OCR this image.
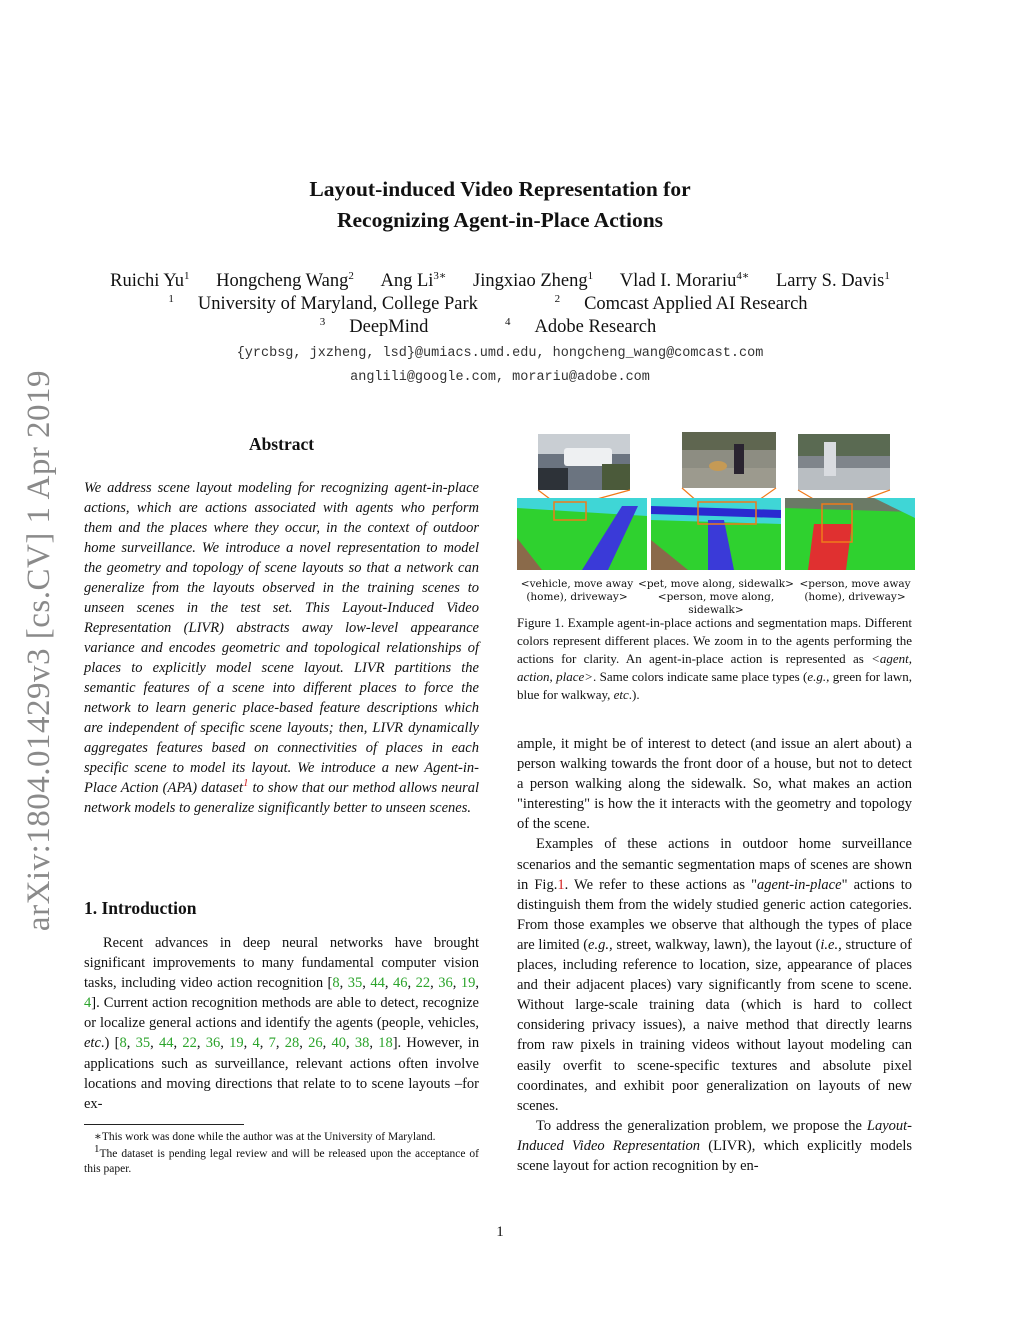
arXiv:1804.01429v3 [cs.CV] 1 Apr 2019
Layout-induced Video Representation for
Recognizing Agent-in-Place Actions
Ruichi Yu$^1$ Hongcheng Wang$^2$ Ang $Li^{3∗}$ Jingxiao Zheng$^1$ Vlad I. Morariu$^{4∗}$ Larry S. Davis$^1$
$^1$ University of Maryland, College Park	$^2$ Comcast Applied AI Research
$^3$ DeepMind	$^4$ Adobe Research
{yrcbsg, jxzheng, lsd}@umiacs.umd.edu, hongcheng_wang@comcast.com
anglili@google.com, morariu@adobe.com
Abstract
We address scene layout modeling for recognizing agent-in-place actions, which are actions associated with agents who perform them and the places where they occur, in the context of outdoor home surveillance. We introduce a novel representation to model the geometry and topology of scene layouts so that a network can generalize from the layouts observed in the training scenes to unseen scenes in the test set. This Layout-Induced Video Representation (LIVR) abstracts away low-level appearance variance and encodes geometric and topological relationships of places to explicitly model scene layout. LIVR partitions the semantic features of a scene into different places to force the network to learn generic place-based feature descriptions which are independent of specific scene layouts; then, LIVR dynamically aggregates features based on connectivities of places in each specific scene to model its layout. We introduce a new Agent-in-Place Action (APA) dataset$^1$ to show that our method allows neural network models to generalize significantly better to unseen scenes.
1. Introduction

Recent advances in deep neural networks have brought significant improvements to many fundamental computer vision tasks, including video action recognition [8, 35, 44, 46, 22, 36, 19, 4]. Current action recognition methods are able to detect, recognize or localize general actions and identify the agents (people, vehicles, etc.) [8, 35, 44, 22, 36, 19, 4, 7, 28, 26, 40, 38, 18]. However, in applications such as surveillance, relevant actions often involve locations and moving directions that relate to to scene layouts –for ex-

∗This work was done while the author was at the University of Maryland.

$^1$The dataset is pending legal review and will be released upon the acceptance of this paper.

<vehicle, move away (home), driveway>
<pet, move along, sidewalk>
<person, move along, sidewalk>
<person, move away (home), driveway>
Figure 1. Example agent-in-place actions and segmentation maps. Different colors represent different places. We zoom in to the agents performing the actions for clarity. An agent-in-place action is represented as <agent, action, place>. Same colors indicate same place types (e.g., green for lawn, blue for walkway, etc.).

ample, it might be of interest to detect (and issue an alert about) a person walking towards the front door of a house, but not to detect a person walking along the sidewalk. So, what makes an action "interesting" is how the it interacts with the geometry and topology of the scene.

Examples of these actions in outdoor home surveillance scenarios and the semantic segmentation maps of scenes are shown in Fig.1. We refer to these actions as "agent-in-place" actions to distinguish them from the widely studied generic action categories. From those examples we observe that although the types of place are limited (e.g., street, walkway, lawn), the layout (i.e., structure of places, including reference to location, size, appearance of places and their adjacent places) vary significantly from scene to scene. Without large-scale training data (which is hard to collect considering privacy issues), a naive method that directly learns from raw pixels in training videos without layout modeling can easily overfit to scene-specific textures and absolute pixel coordinates, and exhibit poor generalization on layouts of new scenes.

To address the generalization problem, we propose the Layout-Induced Video Representation (LIVR), which explicitly models scene layout for action recognition by en-

1
